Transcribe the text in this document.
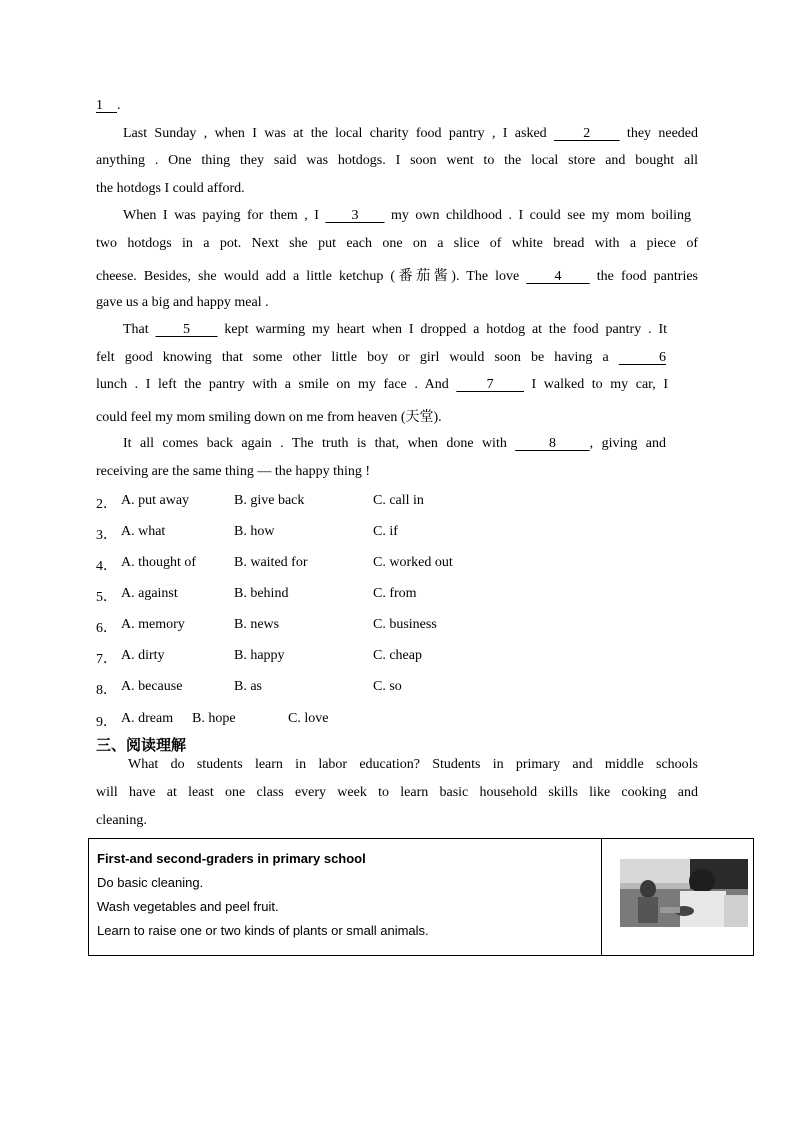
1 .
Last Sunday , when I was at the local charity food pantry , I asked     2     they needed
anything . One thing they said was hotdogs. I soon went to the local store and bought all
the hotdogs I could afford.
When I was paying for them , I     3     my own childhood . I could see my mom boiling
two hotdogs in a pot. Next she put each one on a slice of white bread with a piece of
cheese. Besides, she would add a little ketchup (番茄酱). The love     4     the food pantries
gave us a big and happy meal .
That     5     kept warming my heart when I dropped a hotdog at the food pantry . It
felt good knowing that some other little boy or girl would soon be having a     6
lunch . I left the pantry with a smile on my face . And     7     I walked to my car, I
could feel my mom smiling down on me from heaven (天堂).
It all comes back again . The truth is that, when done with     8    , giving and
receiving are the same thing — the happy thing !
2． A. put away	B. give back	C. call in
3． A. what	B. how	C. if
4． A. thought of	B. waited for	C. worked out
5． A. against	B. behind	C. from
6． A. memory	B. news	C. business
7． A. dirty	B. happy	C. cheap
8． A. because	B. as	C. so
9． A. dream B. hope	C. love
三、阅读理解
What do students learn in labor education? Students in primary and middle schools
will have at least one class every week to learn basic household skills like cooking and
cleaning.
First-and second-graders in primary school
Do basic cleaning.
Wash vegetables and peel fruit.
Learn to raise one or two kinds of plants or small animals.
